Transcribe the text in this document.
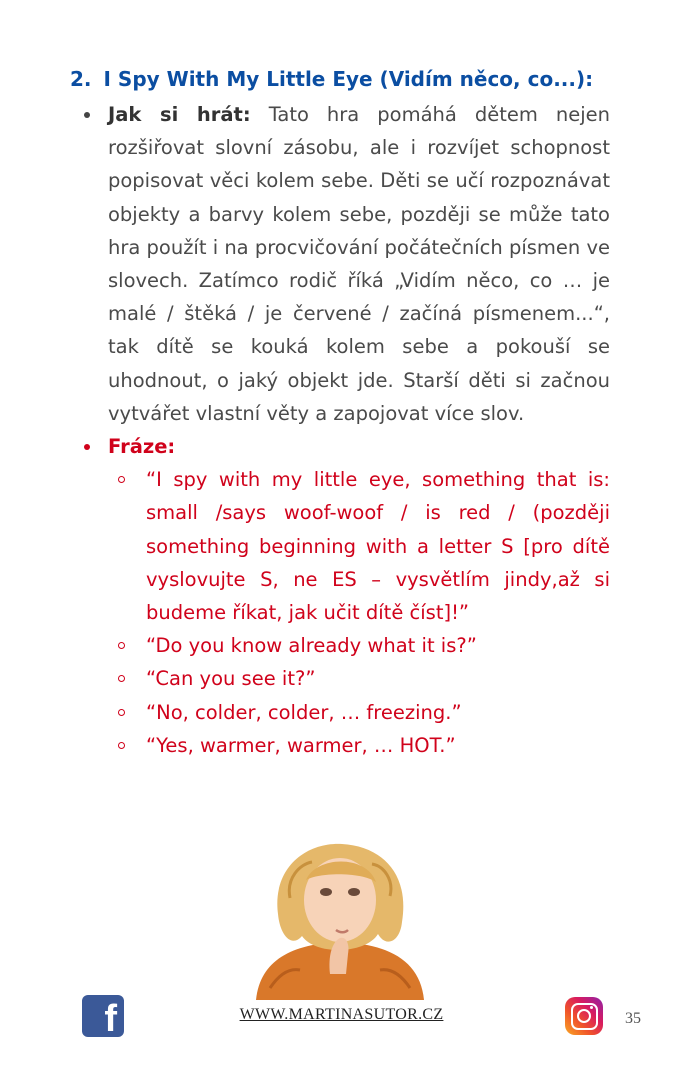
2. I Spy With My Little Eye (Vidím něco, co...):
Jak si hrát: Tato hra pomáhá dětem nejen rozšiřovat slovní zásobu, ale i rozvíjet schopnost popisovat věci kolem sebe. Děti se učí rozpoznávat objekty a barvy kolem sebe, později se může tato hra použít i na procvičování počátečních písmen ve slovech. Zatímco rodič říká „Vidím něco, co … je malé / štěká / je červené / začíná písmenem...“, tak dítě se kouká kolem sebe a pokouší se uhodnout, o jaký objekt jde. Starší děti si začnou vytvářet vlastní věty a zapojovat více slov.
Fráze:
“I spy with my little eye, something that is: small /says woof-woof / is red / (později something beginning with a letter S [pro dítě vyslovujte S, ne ES – vysvětlím jindy,až si budeme říkat, jak učit dítě číst]!”
“Do you know already what it is?”
“Can you see it?”
“No, colder, colder, … freezing.”
“Yes, warmer, warmer, … HOT.”
f	WWW.MARTINASUTOR.CZ	35
